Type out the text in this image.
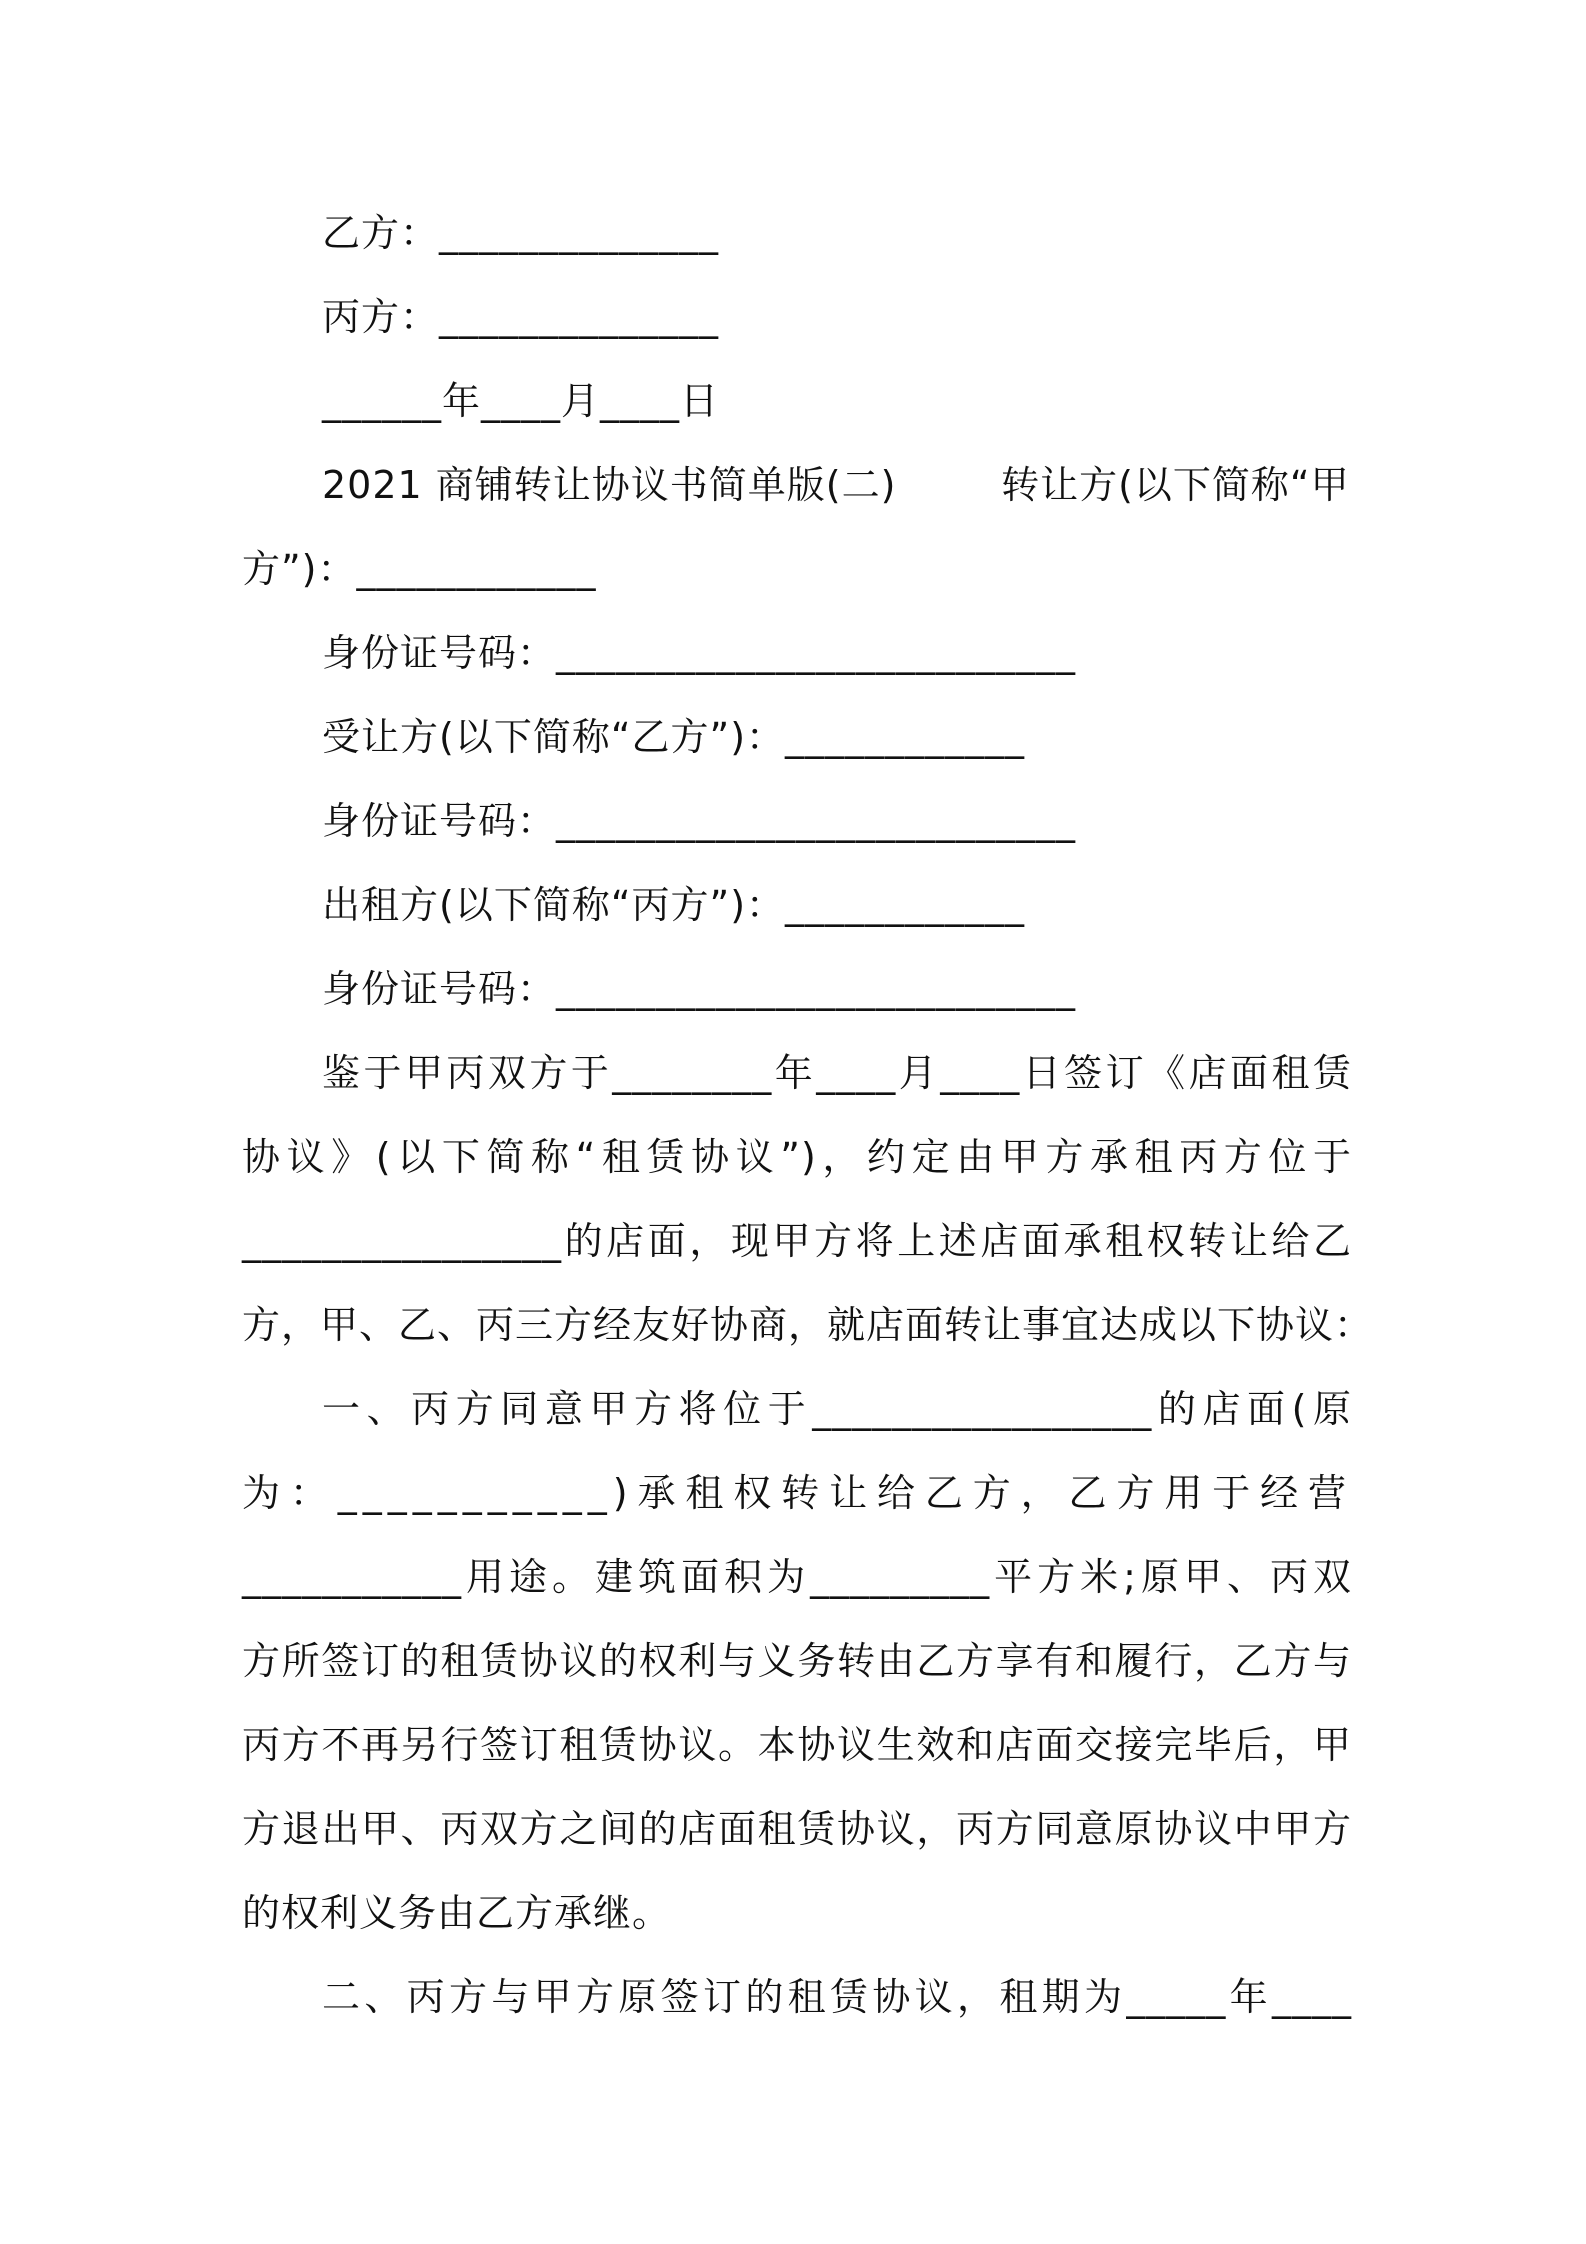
乙方：______________
丙方：______________
______年____月____日
2021 商铺转让协议书简单版(二)        转让方(以下简称“甲
方”)：____________
身份证号码：__________________________
受让方(以下简称“乙方”)：____________
身份证号码：__________________________
出租方(以下简称“丙方”)：____________
身份证号码：__________________________
鉴于甲丙双方于________年____月____日签订《店面租赁
协议》(以下简称“租赁协议”)，约定由甲方承租丙方位于
________________的店面，现甲方将上述店面承租权转让给乙
方，甲、乙、丙三方经友好协商，就店面转让事宜达成以下协议：
一、丙方同意甲方将位于_________________的店面(原
为：___________)承租权转让给乙方，乙方用于经营
___________用途。建筑面积为_________平方米;原甲、丙双
方所签订的租赁协议的权利与义务转由乙方享有和履行，乙方与
丙方不再另行签订租赁协议。本协议生效和店面交接完毕后，甲
方退出甲、丙双方之间的店面租赁协议，丙方同意原协议中甲方
的权利义务由乙方承继。
二、丙方与甲方原签订的租赁协议，租期为_____年____
